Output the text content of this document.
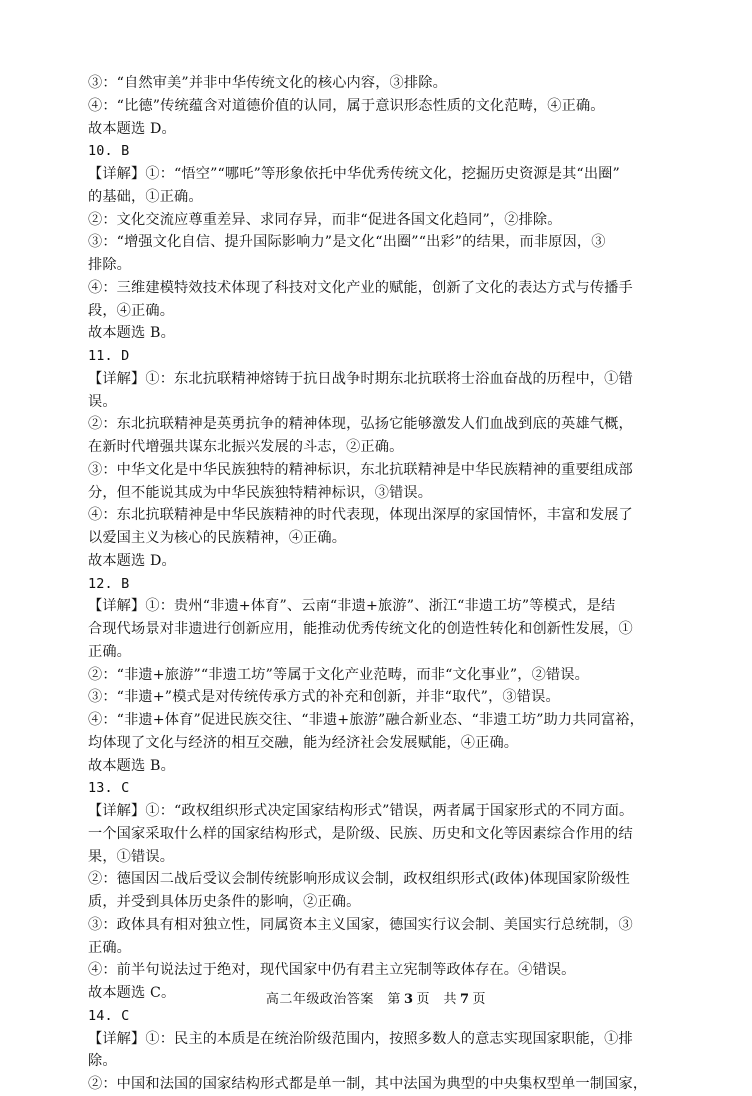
③：“自然审美”并非中华传统文化的核心内容，③排除。
④：“比德”传统蕴含对道德价值的认同，属于意识形态性质的文化范畴，④正确。
故本题选 D。
10. B
【详解】①：“悟空”“哪吒”等形象依托中华优秀传统文化，挖掘历史资源是其“出圈”
的基础，①正确。
②：文化交流应尊重差异、求同存异，而非“促进各国文化趋同”，②排除。
③：“增强文化自信、提升国际影响力”是文化“出圈”“出彩”的结果，而非原因，③
排除。
④：三维建模特效技术体现了科技对文化产业的赋能，创新了文化的表达方式与传播手
段，④正确。
故本题选 B。
11. D
【详解】①：东北抗联精神熔铸于抗日战争时期东北抗联将士浴血奋战的历程中，①错
误。
②：东北抗联精神是英勇抗争的精神体现，弘扬它能够激发人们血战到底的英雄气概，
在新时代增强共谋东北振兴发展的斗志，②正确。
③：中华文化是中华民族独特的精神标识，东北抗联精神是中华民族精神的重要组成部
分，但不能说其成为中华民族独特精神标识，③错误。
④：东北抗联精神是中华民族精神的时代表现，体现出深厚的家国情怀，丰富和发展了
以爱国主义为核心的民族精神，④正确。
故本题选 D。
12. B
【详解】①：贵州“非遗+体育”、云南“非遗+旅游”、浙江“非遗工坊”等模式，是结
合现代场景对非遗进行创新应用，能推动优秀传统文化的创造性转化和创新性发展，①
正确。
②：“非遗+旅游”“非遗工坊”等属于文化产业范畴，而非“文化事业”，②错误。
③：“非遗+”模式是对传统传承方式的补充和创新，并非“取代”，③错误。
④：“非遗+体育”促进民族交往、“非遗+旅游”融合新业态、“非遗工坊”助力共同富裕，
均体现了文化与经济的相互交融，能为经济社会发展赋能，④正确。
故本题选 B。
13. C
【详解】①：“政权组织形式决定国家结构形式”错误，两者属于国家形式的不同方面。
一个国家采取什么样的国家结构形式，是阶级、民族、历史和文化等因素综合作用的结
果，①错误。
②：德国因二战后受议会制传统影响形成议会制，政权组织形式(政体)体现国家阶级性
质，并受到具体历史条件的影响，②正确。
③：政体具有相对独立性，同属资本主义国家，德国实行议会制、美国实行总统制，③
正确。
④：前半句说法过于绝对，现代国家中仍有君主立宪制等政体存在。④错误。
故本题选 C。
14. C
【详解】①：民主的本质是在统治阶级范围内，按照多数人的意志实现国家职能，①排
除。
②：中国和法国的国家结构形式都是单一制，其中法国为典型的中央集权型单一制国家，
高二年级政治答案　第 3 页　共 7 页
